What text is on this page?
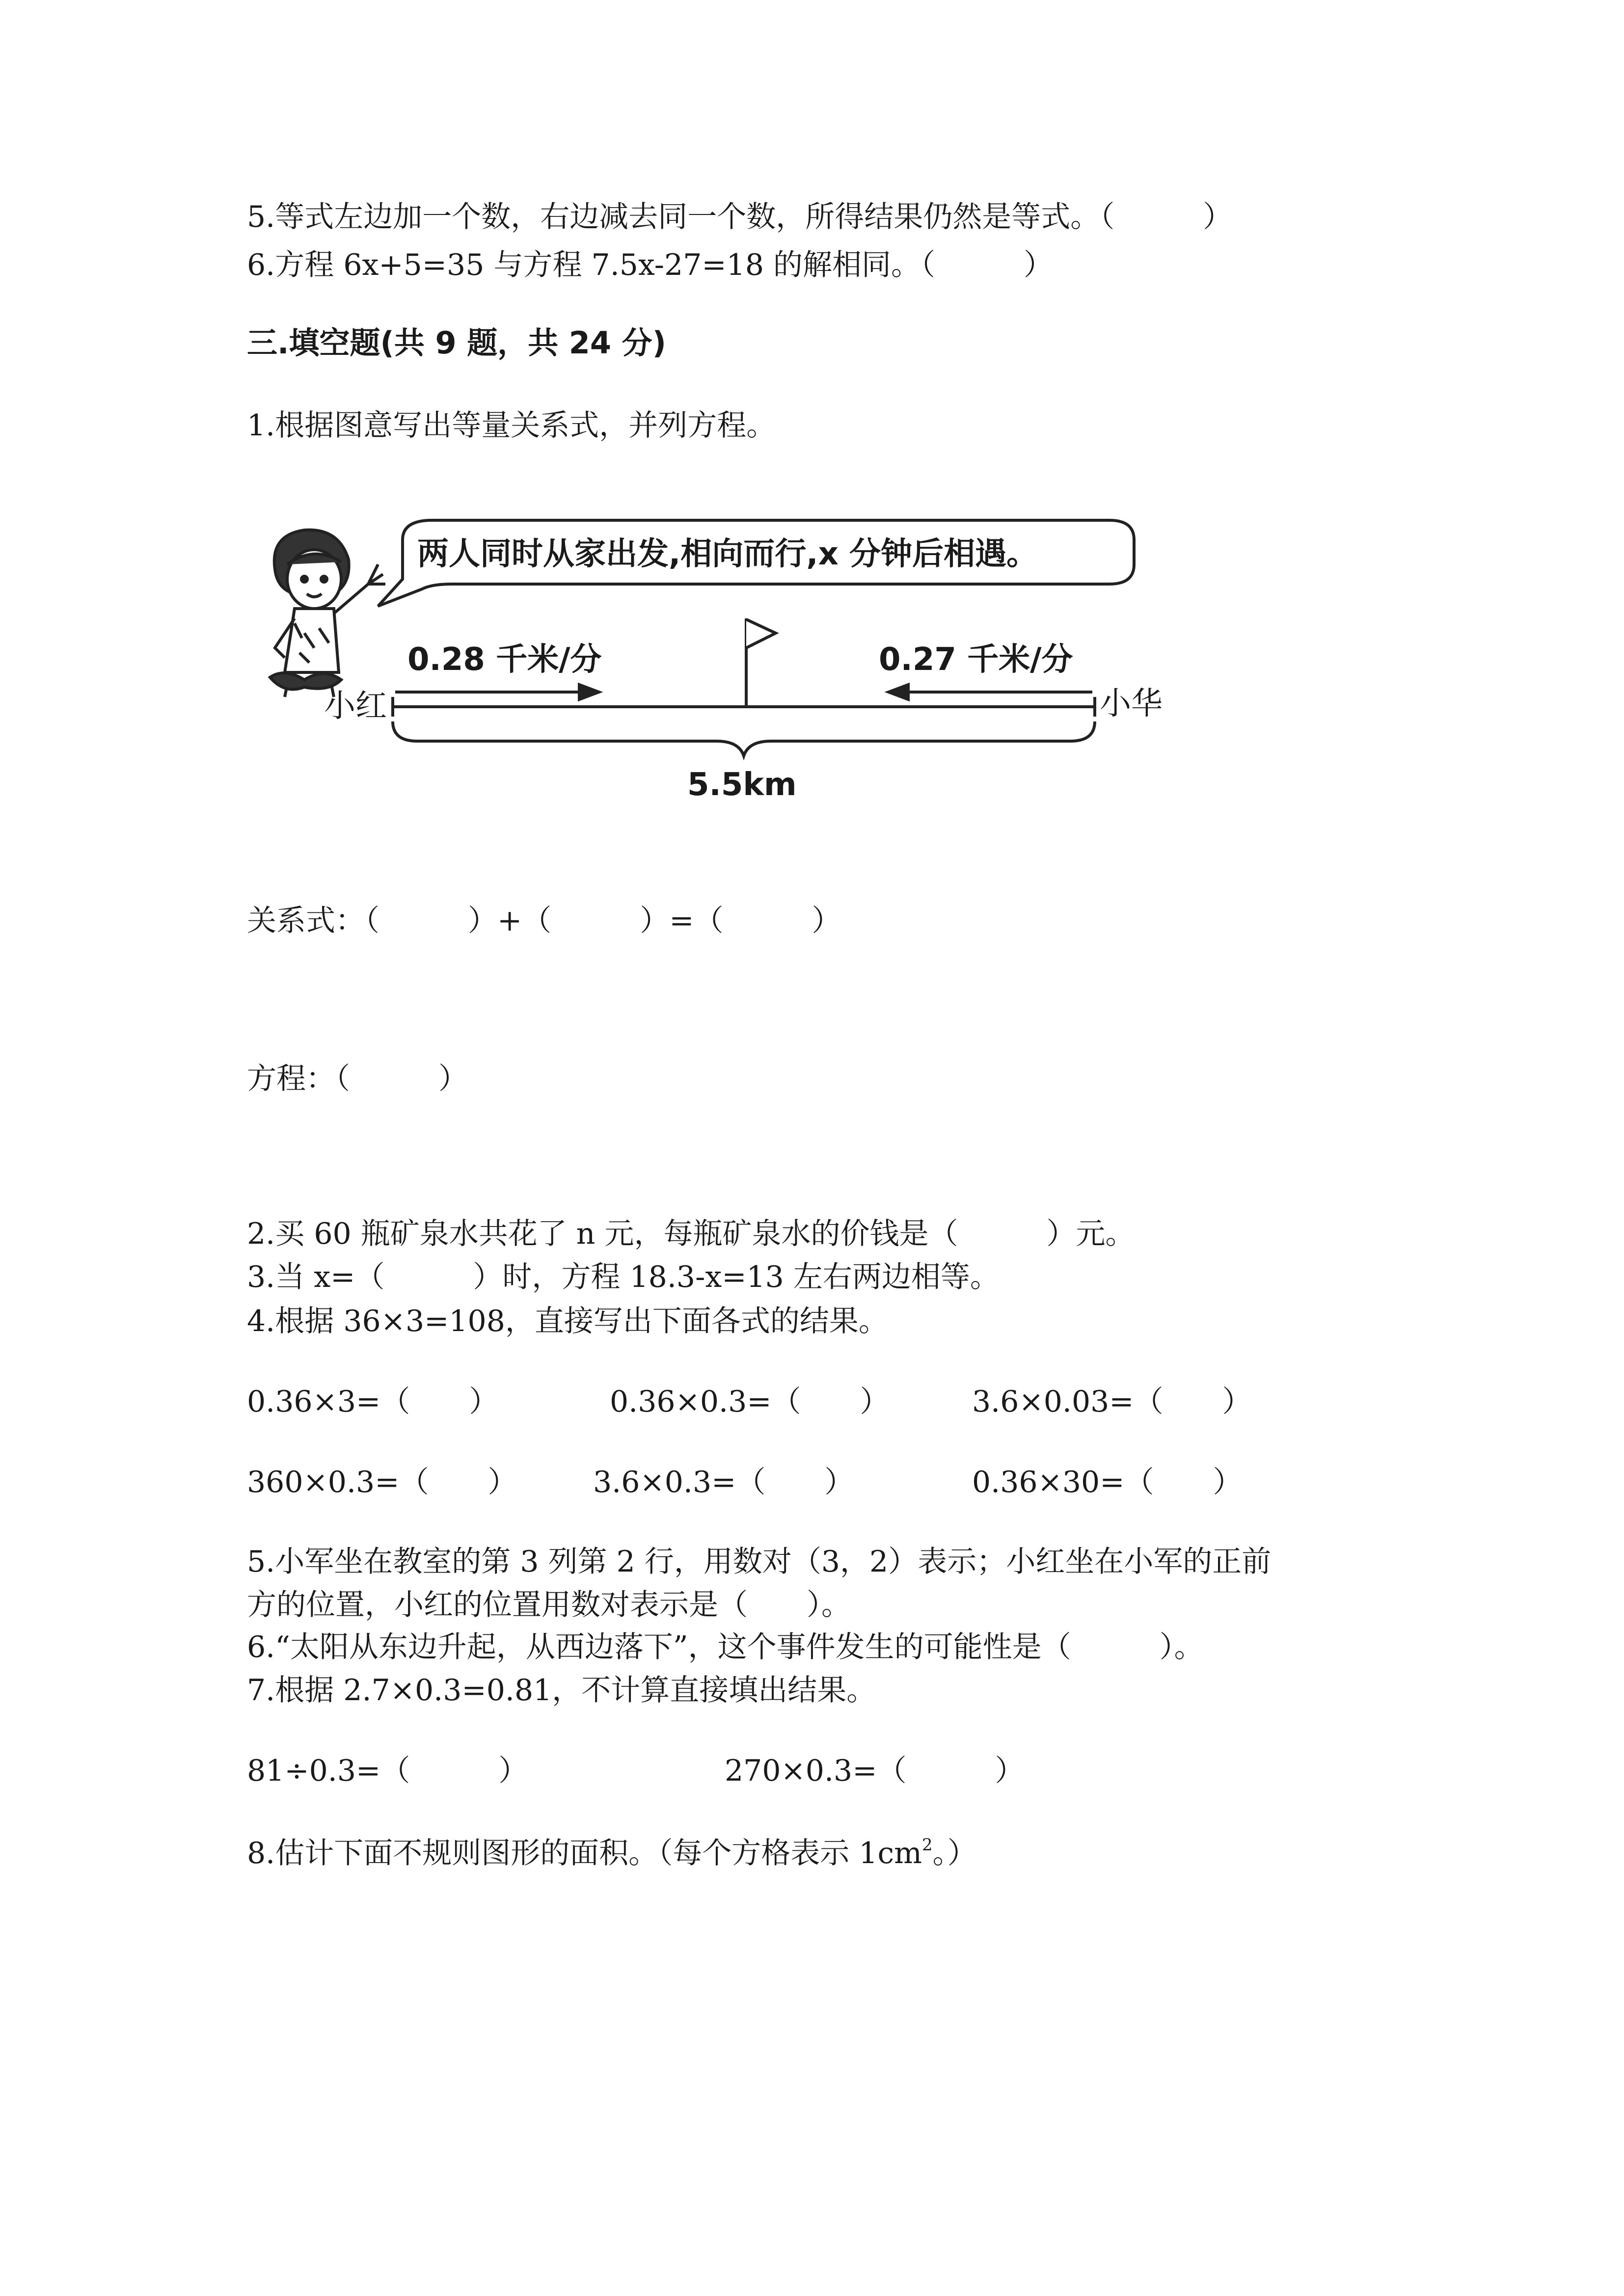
5.等式左边加一个数，右边减去同一个数，所得结果仍然是等式。（　　　）
6.方程 6x+5=35 与方程 7.5x-27=18 的解相同。（　　　）
三.填空题(共 9 题，共 24 分)
1.根据图意写出等量关系式，并列方程。
两人同时从家出发,相向而行,x 分钟后相遇。
0.28 千米/分	0.27 千米/分
小红	小华
5.5km
关系式：（　　　）+（　　　）=（　　　）
方程：（　　　）
2.买 60 瓶矿泉水共花了 n 元，每瓶矿泉水的价钱是（　　　）元。
3.当 x=（　　　）时，方程 18.3-x=13 左右两边相等。
4.根据 36×3=108，直接写出下面各式的结果。
0.36×3=（　　）	0.36×0.3=（　　）	3.6×0.03=（　　）
360×0.3=（　　）	3.6×0.3=（　　）	0.36×30=（　　）
5.小军坐在教室的第 3 列第 2 行，用数对（3，2）表示；小红坐在小军的正前
方的位置，小红的位置用数对表示是（　　）。
6.“太阳从东边升起，从西边落下”，这个事件发生的可能性是（　　　）。
7.根据 2.7×0.3=0.81，不计算直接填出结果。
81÷0.3=（　　　）	270×0.3=（　　　）
8.估计下面不规则图形的面积。（每个方格表示 $1cm^2$。）
